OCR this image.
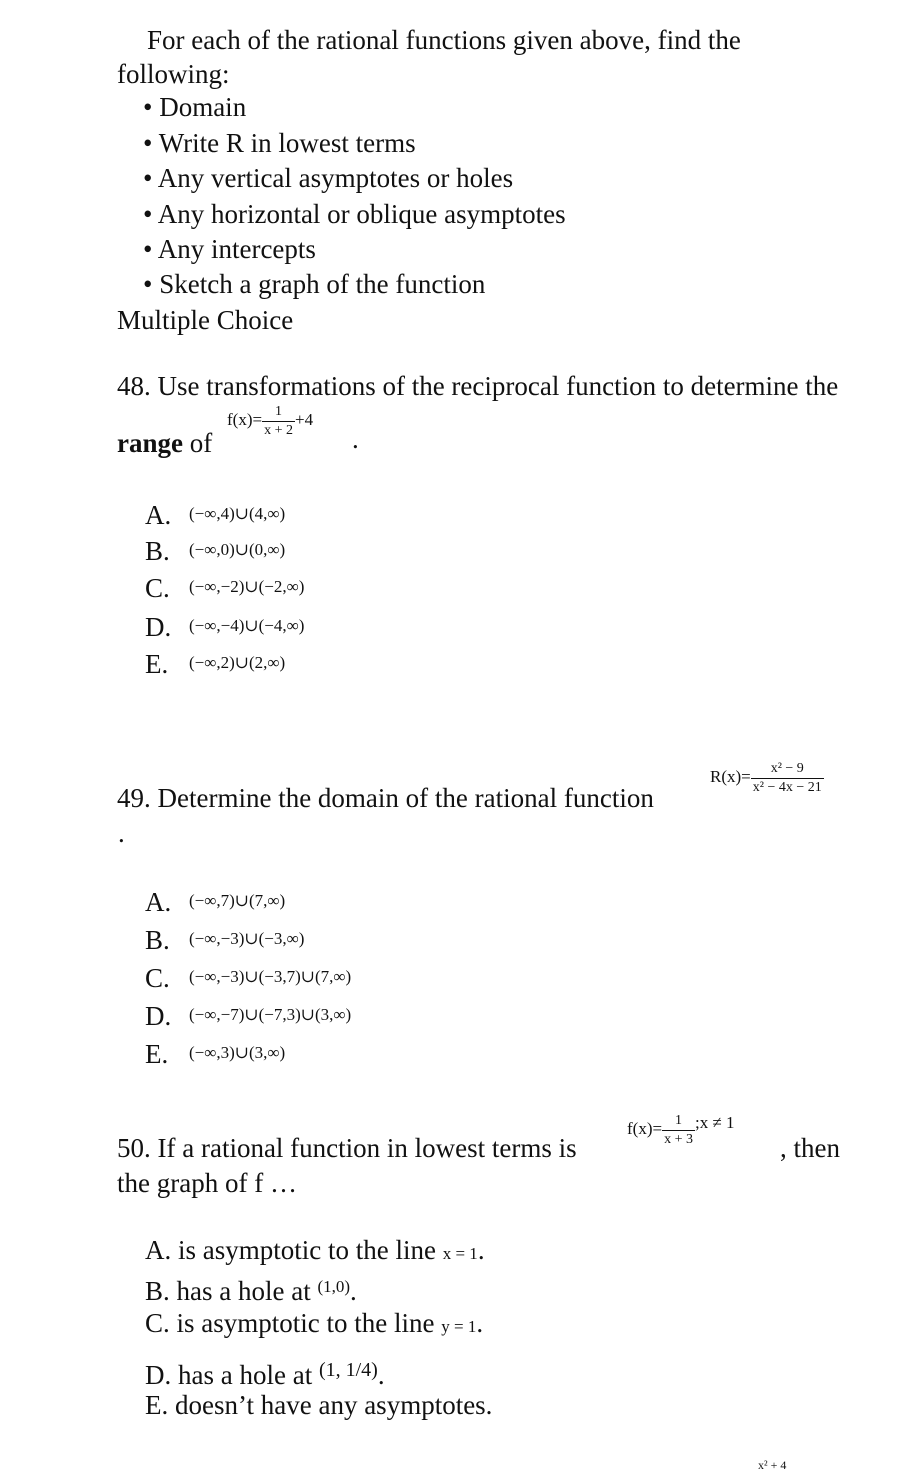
For each of the rational functions given above, find the
following:
• Domain
• Write R in lowest terms
• Any vertical asymptotes or holes
• Any horizontal or oblique asymptotes
• Any intercepts
• Sketch a graph of the function
Multiple Choice
48. Use transformations of the reciprocal function to determine the
range of
$f(x)= \frac{1}{x + 2} +4$
.
A. (−∞,4)∪(4,∞)
B. (−∞,0)∪(0,∞)
C. (−∞,−2)∪(−2,∞)
D. (−∞,−4)∪(−4,∞)
E. (−∞,2)∪(2,∞)
49. Determine the domain of the rational function
$R(x)= \frac{\text{x² − 9}}{\text{x² − 4x − 21}}$
.
A. (−∞,7)∪(7,∞)
B. (−∞,−3)∪(−3,∞)
C. (−∞,−3)∪(−3,7)∪(7,∞)
D. (−∞,−7)∪(−7,3)∪(3,∞)
E. (−∞,3)∪(3,∞)
50. If a rational function in lowest terms is
$f(x)= \frac{1}{x + 3}$ ;x ≠ 1
, then
the graph of f …
A. is asymptotic to the line x = 1.
B. has a hole at $^{(1,0)}$.
C. is asymptotic to the line y = 1.
D. has a hole at $^{(1, 1/4)}$.
E. doesn’t have any asymptotes.
x² + 4
